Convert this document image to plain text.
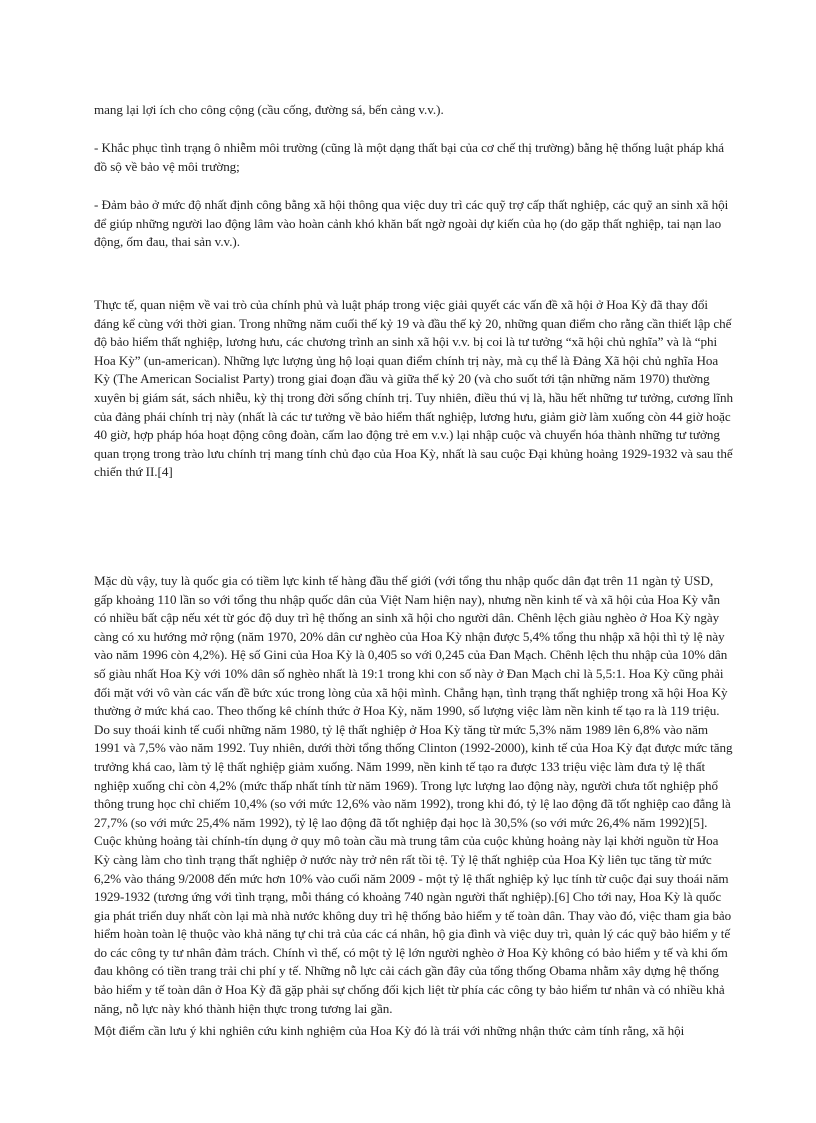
mang lại lợi ích cho công cộng (cầu cống, đường sá, bến cảng v.v.).

- Khắc phục tình trạng ô nhiễm môi trường (cũng là một dạng thất bại của cơ chế thị trường) bằng hệ thống luật pháp khá đồ sộ về bảo vệ môi trường;

- Đảm bảo ở mức độ nhất định công bằng xã hội thông qua việc duy trì các quỹ trợ cấp thất nghiệp, các quỹ an sinh xã hội để giúp những người lao động lâm vào hoàn cảnh khó khăn bất ngờ ngoài dự kiến của họ (do gặp thất nghiệp, tai nạn lao động, ốm đau, thai sản v.v.).

Thực tế, quan niệm về vai trò của chính phủ và luật pháp trong việc giải quyết các vấn đề xã hội ở Hoa Kỳ đã thay đổi đáng kể cùng với thời gian. Trong những năm cuối thế kỷ 19 và đầu thế kỷ 20, những quan điểm cho rằng cần thiết lập chế độ bảo hiểm thất nghiệp, lương hưu, các chương trình an sinh xã hội v.v. bị coi là tư tưởng “xã hội chủ nghĩa” và là “phi Hoa Kỳ” (un-american). Những lực lượng ủng hộ loại quan điểm chính trị này, mà cụ thể là Đảng Xã hội chủ nghĩa Hoa Kỳ (The American Socialist Party) trong giai đoạn đầu và giữa thế kỷ 20 (và cho suốt tới tận những năm 1970) thường xuyên bị giám sát, sách nhiễu, kỳ thị trong đời sống chính trị. Tuy nhiên, điều thú vị là, hầu hết những tư tưởng, cương lĩnh của đảng phái chính trị này (nhất là các tư tưởng về bảo hiểm thất nghiệp, lương hưu, giảm giờ làm xuống còn 44 giờ hoặc 40 giờ, hợp pháp hóa hoạt động công đoàn, cấm lao động trẻ em v.v.) lại nhập cuộc và chuyển hóa thành những tư tưởng quan trọng trong trào lưu chính trị mang tính chủ đạo của Hoa Kỳ, nhất là sau cuộc Đại khủng hoảng 1929-1932 và sau thế chiến thứ II.[4]

Mặc dù vậy, tuy là quốc gia có tiềm lực kinh tế hàng đầu thế giới (với tổng thu nhập quốc dân đạt trên 11 ngàn tỷ USD, gấp khoảng 110 lần so với tổng thu nhập quốc dân của Việt Nam hiện nay), nhưng nền kinh tế và xã hội của Hoa Kỳ vẫn có nhiều bất cập nếu xét từ góc độ duy trì hệ thống an sinh xã hội cho người dân. Chênh lệch giàu nghèo ở Hoa Kỳ ngày càng có xu hướng mở rộng (năm 1970, 20% dân cư nghèo của Hoa Kỳ nhận được 5,4% tổng thu nhập xã hội thì tỷ lệ này vào năm 1996 còn 4,2%). Hệ số Gini của Hoa Kỳ là 0,405 so với 0,245 của Đan Mạch. Chênh lệch thu nhập của 10% dân số giàu nhất Hoa Kỳ với 10% dân số nghèo nhất là 19:1 trong khi con số này ở Đan Mạch chỉ là 5,5:1. Hoa Kỳ cũng phải đối mặt với vô vàn các vấn đề bức xúc trong lòng của xã hội mình. Chẳng hạn, tình trạng thất nghiệp trong xã hội Hoa Kỳ thường ở mức khá cao. Theo thống kê chính thức ở Hoa Kỳ, năm 1990, số lượng việc làm nền kinh tế tạo ra là 119 triệu. Do suy thoái kinh tế cuối những năm 1980, tỷ lệ thất nghiệp ở Hoa Kỳ tăng từ mức 5,3% năm 1989 lên 6,8% vào năm 1991 và 7,5% vào năm 1992. Tuy nhiên, dưới thời tổng thống Clinton (1992-2000), kinh tế của Hoa Kỳ đạt được mức tăng trưởng khá cao, làm tỷ lệ thất nghiệp giảm xuống. Năm 1999, nền kinh tế tạo ra được 133 triệu việc làm đưa tỷ lệ thất nghiệp xuống chỉ còn 4,2% (mức thấp nhất tính từ năm 1969). Trong lực lượng lao động này, người chưa tốt nghiệp phổ thông trung học chỉ chiếm 10,4% (so với mức 12,6% vào năm 1992), trong khi đó, tỷ lệ lao động đã tốt nghiệp cao đẳng là 27,7% (so với mức 25,4% năm 1992), tỷ lệ lao động đã tốt nghiệp đại học là 30,5% (so với mức 26,4% năm 1992)[5]. Cuộc khủng hoảng tài chính-tín dụng ở quy mô toàn cầu mà trung tâm của cuộc khủng hoảng này lại khởi nguồn từ Hoa Kỳ càng làm cho tình trạng thất nghiệp ở nước này trở nên rất tồi tệ. Tỷ lệ thất nghiệp của Hoa Kỳ liên tục tăng từ mức 6,2% vào tháng 9/2008 đến mức hơn 10% vào cuối năm 2009 - một tỷ lệ thất nghiệp kỷ lục tính từ cuộc đại suy thoái năm 1929-1932 (tương ứng với tình trạng, mỗi tháng có khoảng 740 ngàn người thất nghiệp).[6] Cho tới nay, Hoa Kỳ là quốc gia phát triển duy nhất còn lại mà nhà nước không duy trì hệ thống bảo hiểm y tế toàn dân. Thay vào đó, việc tham gia bảo hiểm hoàn toàn lệ thuộc vào khả năng tự chi trả của các cá nhân, hộ gia đình và việc duy trì, quản lý các quỹ bảo hiểm y tế do các công ty tư nhân đảm trách. Chính vì thế, có một tỷ lệ lớn người nghèo ở Hoa Kỳ không có bảo hiểm y tế và khi ốm đau không có tiền trang trải chi phí y tế. Những nỗ lực cải cách gần đây của tổng thống Obama nhằm xây dựng hệ thống bảo hiểm y tế toàn dân ở Hoa Kỳ đã gặp phải sự chống đối kịch liệt từ phía các công ty bảo hiểm tư nhân và có nhiều khả năng, nỗ lực này khó thành hiện thực trong tương lai gần.

Một điểm cần lưu ý khi nghiên cứu kinh nghiệm của Hoa Kỳ đó là trái với những nhận thức cảm tính rằng, xã hội
